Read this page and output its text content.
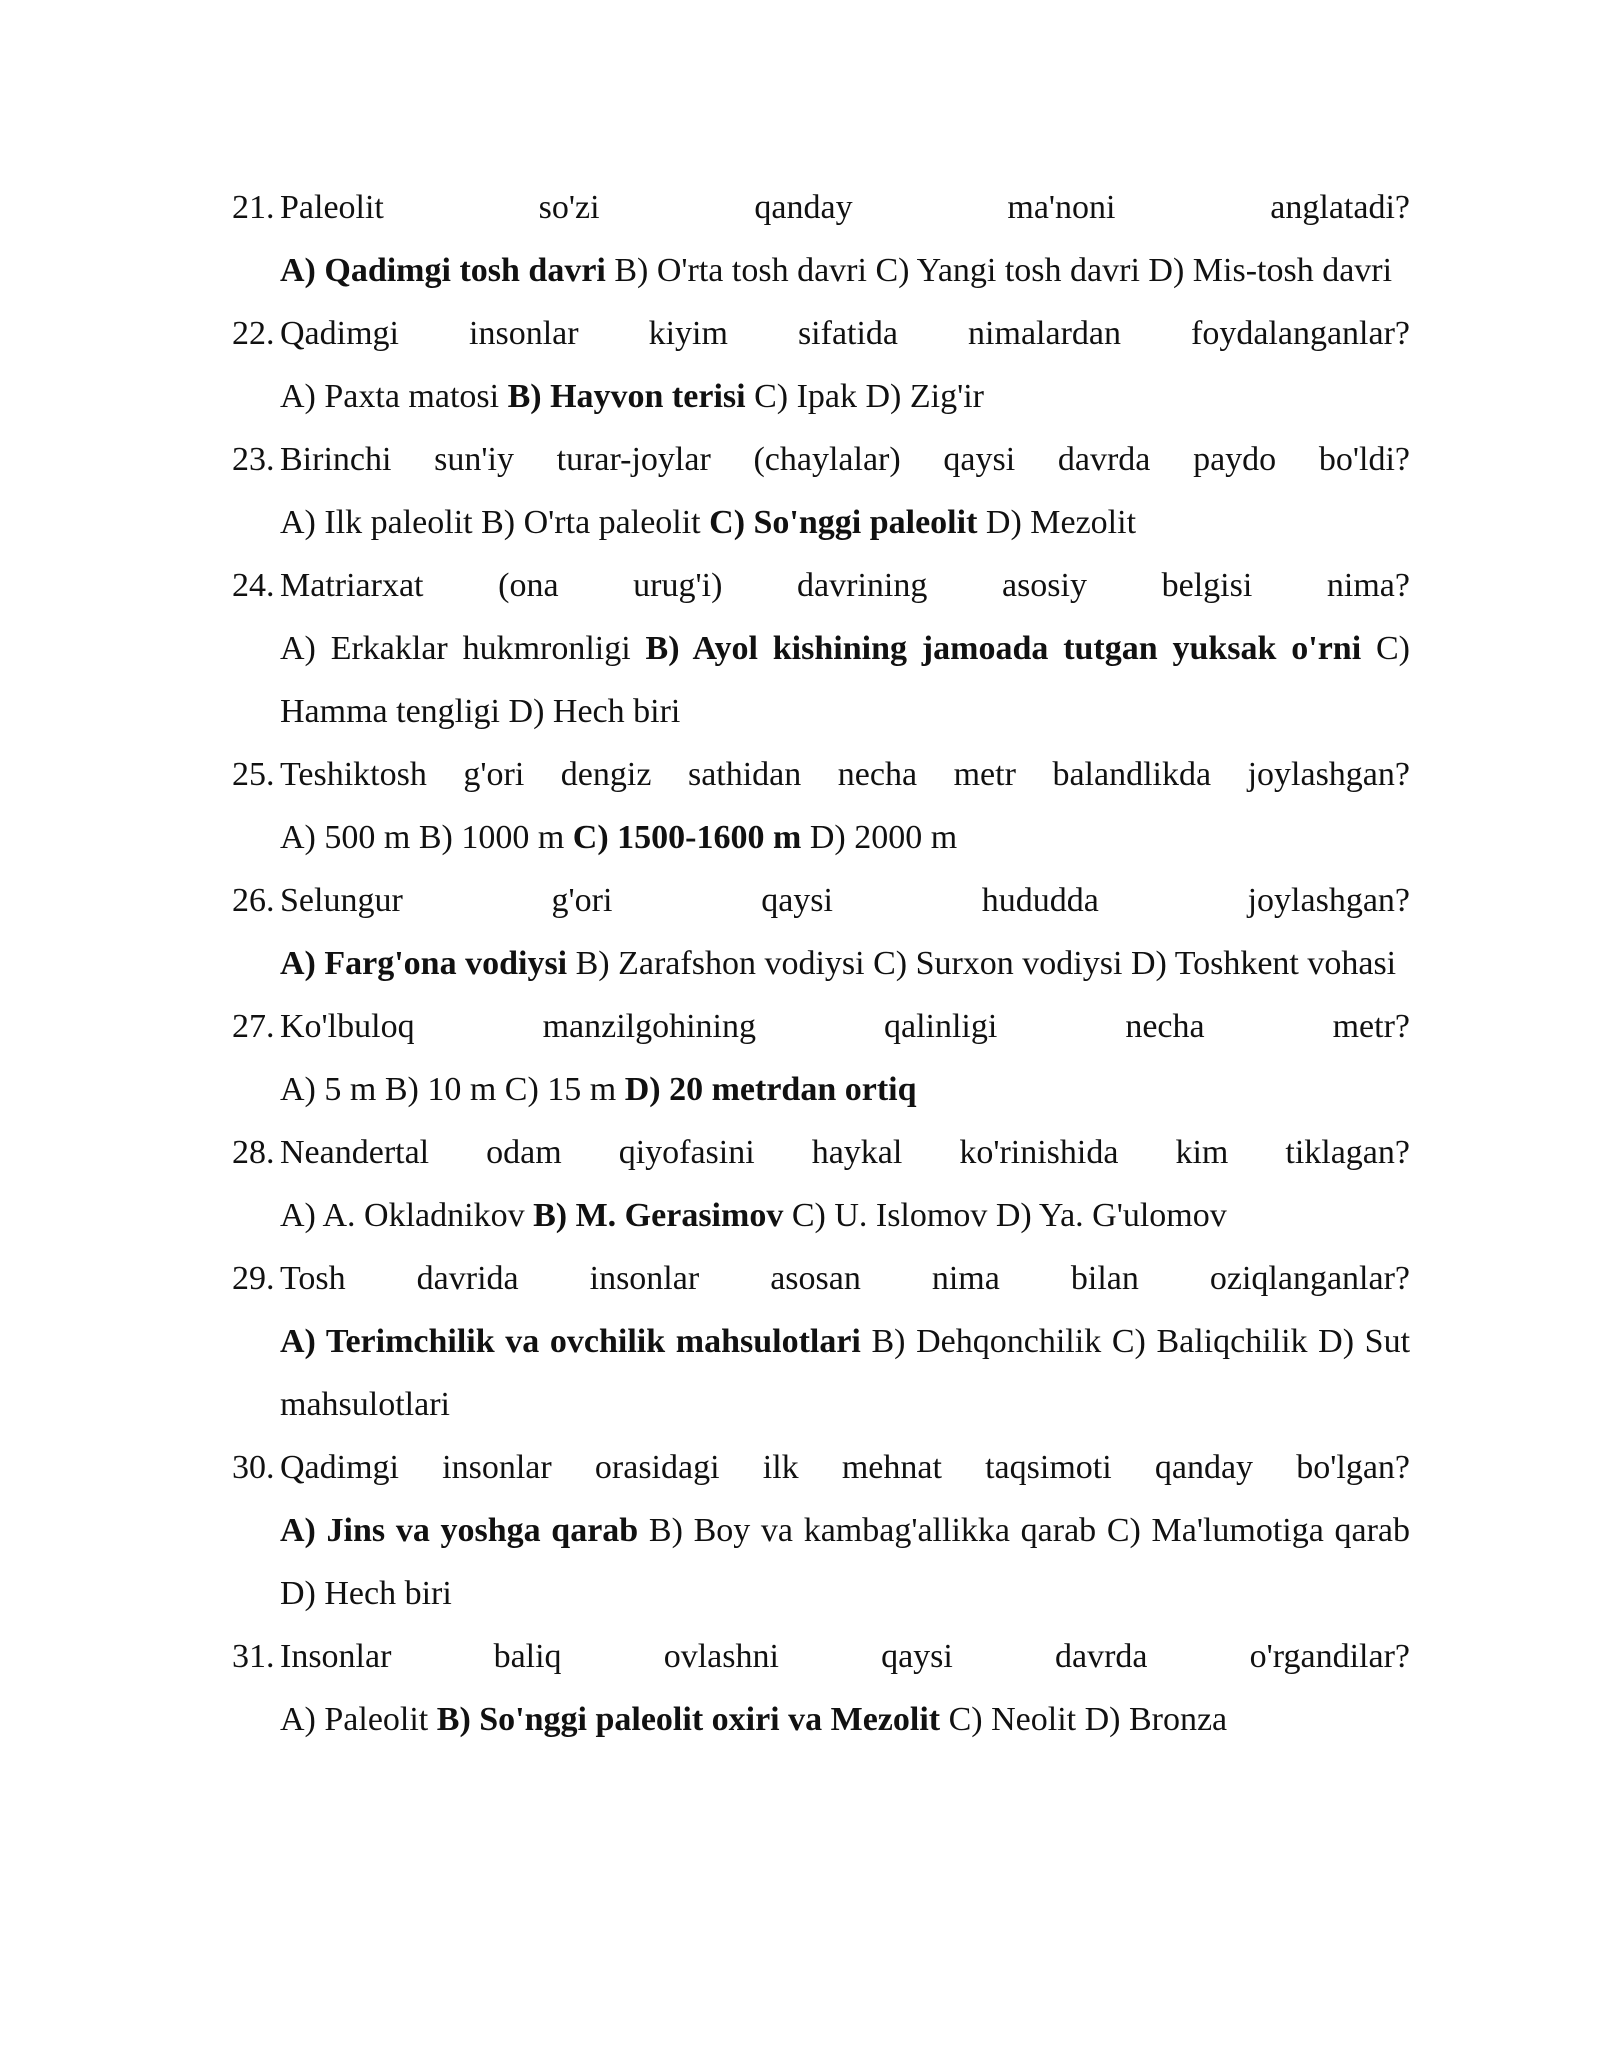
21. Paleolit so'zi qanday ma'noni anglatadi?
A) Qadimgi tosh davri B) O'rta tosh davri C) Yangi tosh davri D) Mis-tosh davri
22. Qadimgi insonlar kiyim sifatida nimalardan foydalanganlar?
A) Paxta matosi B) Hayvon terisi C) Ipak D) Zig'ir
23. Birinchi sun'iy turar-joylar (chaylalar) qaysi davrda paydo bo'ldi?
A) Ilk paleolit B) O'rta paleolit C) So'nggi paleolit D) Mezolit
24. Matriarxat (ona urug'i) davrining asosiy belgisi nima?
A) Erkaklar hukmronligi B) Ayol kishining jamoada tutgan yuksak o'rni C) Hamma tengligi D) Hech biri
25. Teshiktosh g'ori dengiz sathidan necha metr balandlikda joylashgan?
A) 500 m B) 1000 m C) 1500-1600 m D) 2000 m
26. Selungur g'ori qaysi hududda joylashgan?
A) Farg'ona vodiysi B) Zarafshon vodiysi C) Surxon vodiysi D) Toshkent vohasi
27. Ko'lbuloq manzilgohining qalinligi necha metr?
A) 5 m B) 10 m C) 15 m D) 20 metrdan ortiq
28. Neandertal odam qiyofasini haykal ko'rinishida kim tiklagan?
A) A. Okladnikov B) M. Gerasimov C) U. Islomov D) Ya. G'ulomov
29. Tosh davrida insonlar asosan nima bilan oziqlanganlar?
A) Terimchilik va ovchilik mahsulotlari B) Dehqonchilik C) Baliqchilik D) Sut mahsulotlari
30. Qadimgi insonlar orasidagi ilk mehnat taqsimoti qanday bo'lgan?
A) Jins va yoshga qarab B) Boy va kambag'allikka qarab C) Ma'lumotiga qarab D) Hech biri
31. Insonlar baliq ovlashni qaysi davrda o'rgandilar?
A) Paleolit B) So'nggi paleolit oxiri va Mezolit C) Neolit D) Bronza
